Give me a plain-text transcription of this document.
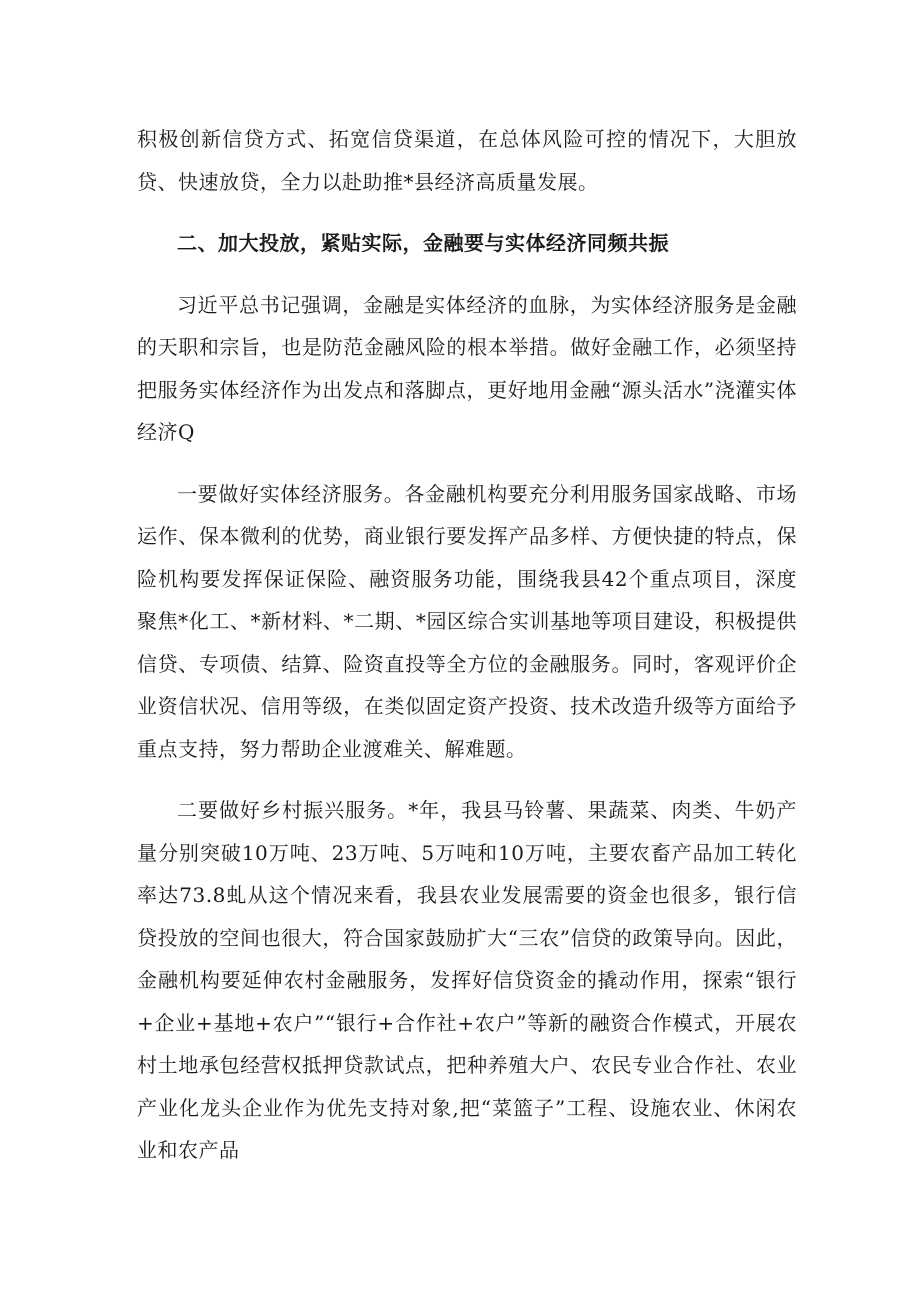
积极创新信贷方式、拓宽信贷渠道，在总体风险可控的情况下，大胆放贷、快速放贷，全力以赴助推*县经济高质量发展。

二、加大投放，紧贴实际，金融要与实体经济同频共振

习近平总书记强调，金融是实体经济的血脉，为实体经济服务是金融的天职和宗旨，也是防范金融风险的根本举措。做好金融工作，必须坚持把服务实体经济作为出发点和落脚点，更好地用金融“源头活水”浇灌实体经济Q

一要做好实体经济服务。各金融机构要充分利用服务国家战略、市场运作、保本微利的优势，商业银行要发挥产品多样、方便快捷的特点，保险机构要发挥保证保险、融资服务功能，围绕我县42个重点项目，深度聚焦*化工、*新材料、*二期、*园区综合实训基地等项目建设，积极提供信贷、专项债、结算、险资直投等全方位的金融服务。同时，客观评价企业资信状况、信用等级，在类似固定资产投资、技术改造升级等方面给予重点支持，努力帮助企业渡难关、解难题。

二要做好乡村振兴服务。*年，我县马铃薯、果蔬菜、肉类、牛奶产量分别突破10万吨、23万吨、5万吨和10万吨，主要农畜产品加工转化率达73.8虬从这个情况来看，我县农业发展需要的资金也很多，银行信贷投放的空间也很大，符合国家鼓励扩大“三农”信贷的政策导向。因此，金融机构要延伸农村金融服务，发挥好信贷资金的撬动作用，探索“银行+企业+基地+农户”“银行+合作社+农户”等新的融资合作模式，开展农村土地承包经营权抵押贷款试点，把种养殖大户、农民专业合作社、农业产业化龙头企业作为优先支持对象,把“菜篮子”工程、设施农业、休闲农业和农产品
